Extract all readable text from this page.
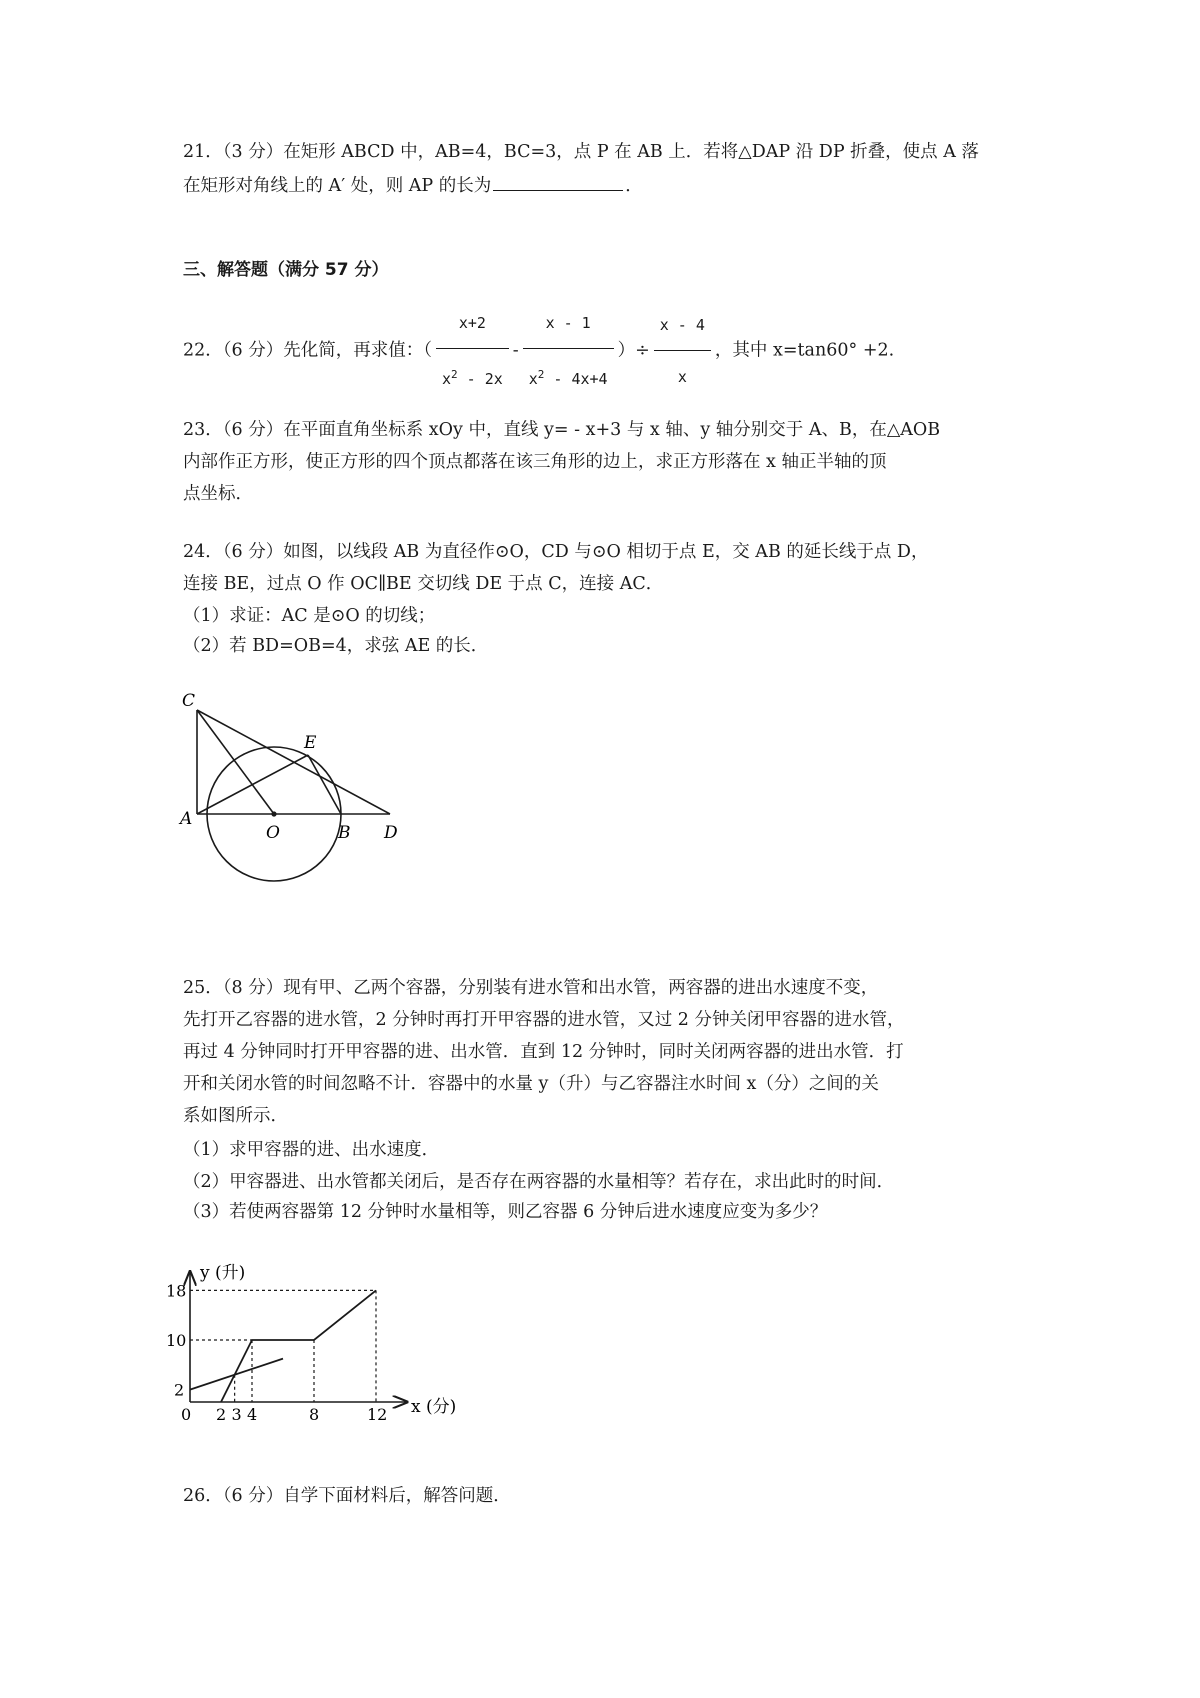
21．（3 分）在矩形 ABCD 中，AB=4，BC=3，点 P 在 AB 上．若将△DAP 沿 DP 折叠，使点 A 落
在矩形对角线上的 A′ 处，则 AP 的长为	．
三、解答题（满分 57 分）
22．（6 分）先化简，再求值：（ $\frac{x+2}{x^2 - 2x} - \frac{x - 1}{x^2 - 4x+4}$ ）÷ $\frac{x - 4}{x}$ ，其中 x=tan60° +2.
23．（6 分）在平面直角坐标系 xOy 中，直线 y= - x+3 与 x 轴、y 轴分别交于 A、B，在△AOB
内部作正方形，使正方形的四个顶点都落在该三角形的边上，求正方形落在 x 轴正半轴的顶
点坐标．
24．（6 分）如图，以线段 AB 为直径作⊙O，CD 与⊙O 相切于点 E，交 AB 的延长线于点 D，
连接 BE，过点 O 作 OC∥BE 交切线 DE 于点 C，连接 AC．
（1）求证：AC 是⊙O 的切线；
（2）若 BD=OB=4，求弦 AE 的长．
C
E
A
O	B D
25．（8 分）现有甲、乙两个容器，分别装有进水管和出水管，两容器的进出水速度不变，
先打开乙容器的进水管，2 分钟时再打开甲容器的进水管，又过 2 分钟关闭甲容器的进水管，
再过 4 分钟同时打开甲容器的进、出水管．直到 12 分钟时，同时关闭两容器的进出水管．打
开和关闭水管的时间忽略不计．容器中的水量 y（升）与乙容器注水时间 x（分）之间的关
系如图所示．
（1）求甲容器的进、出水速度．
（2）甲容器进、出水管都关闭后，是否存在两容器的水量相等？若存在，求出此时的时间．
（3）若使两容器第 12 分钟时水量相等，则乙容器 6 分钟后进水速度应变为多少？
0 2 3 4	8	12
2
10
18
x (分)
y (升)
26．（6 分）自学下面材料后，解答问题．
